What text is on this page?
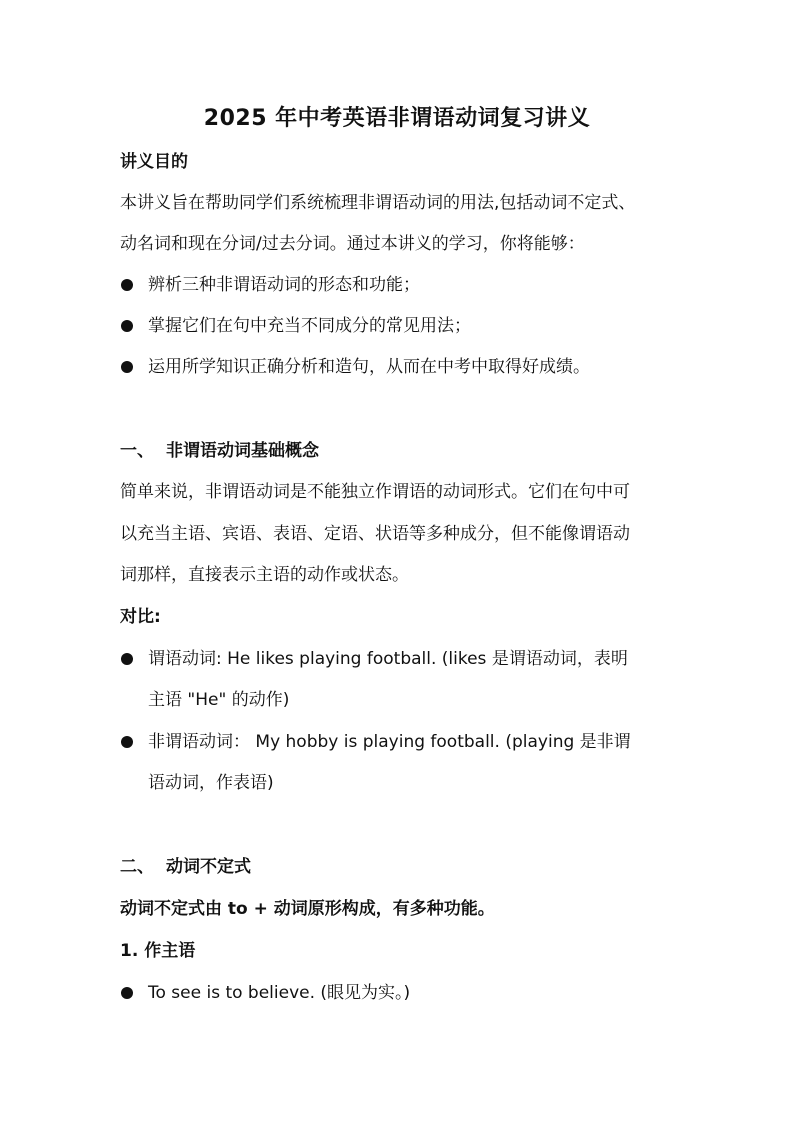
2025 年中考英语非谓语动词复习讲义
讲义目的
本讲义旨在帮助同学们系统梳理非谓语动词的用法,包括动词不定式、
动名词和现在分词/过去分词。通过本讲义的学习，你将能够：
辨析三种非谓语动词的形态和功能；
掌握它们在句中充当不同成分的常见用法；
运用所学知识正确分析和造句，从而在中考中取得好成绩。
一、 非谓语动词基础概念
简单来说，非谓语动词是不能独立作谓语的动词形式。它们在句中可
以充当主语、宾语、表语、定语、状语等多种成分，但不能像谓语动
词那样，直接表示主语的动作或状态。
对比:
谓语动词: He likes playing football. (likes 是谓语动词，表明
主语 "He" 的动作)
非谓语动词： My hobby is playing football. (playing 是非谓
语动词，作表语)
二、 动词不定式
动词不定式由 to + 动词原形构成，有多种功能。
1. 作主语
To see is to believe. (眼见为实。)
